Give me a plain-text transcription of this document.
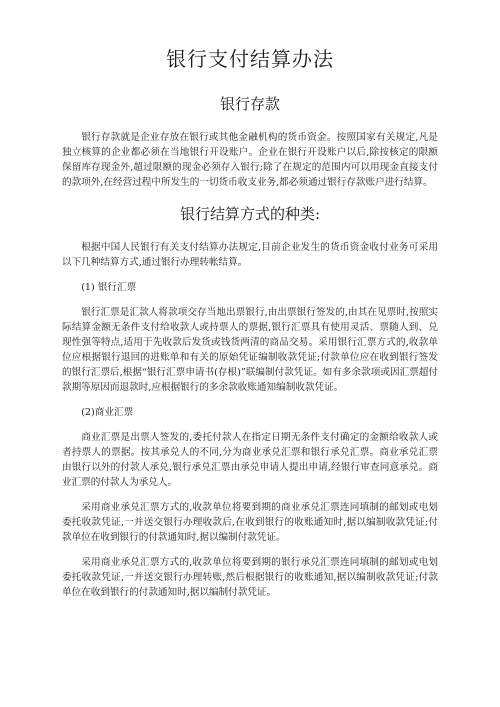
银行支付结算办法
银行存款

银行存款就是企业存放在银行或其他金融机构的货币资金。按照国家有关规定,凡是独立核算的企业都必须在当地银行开设账户。企业在银行开设账户以后,除按核定的限额保留库存现金外,超过限额的现金必须存入银行;除了在规定的范围内可以用现金直接支付的款项外,在经营过程中所发生的一切货币收支业务,都必须通过银行存款账户进行结算。

银行结算方式的种类:

根据中国人民银行有关支付结算办法规定,目前企业发生的货币资金收付业务可采用以下几种结算方式,通过银行办理转帐结算。

(1) 银行汇票

银行汇票是汇款人将款项交存当地出票银行,由出票银行签发的,由其在见票时,按照实际结算金额无条件支付给收款人或持票人的票据,银行汇票具有使用灵活、票随人到、兑现性强等特点,适用于先收款后发货或钱货两清的商品交易。采用银行汇票方式的,收款单位应根据银行退回的进账单和有关的原始凭证编制收款凭证;付款单位应在收到银行签发的银行汇票后,根据“银行汇票申请书(存根)”联编制付款凭证。如有多余款项或因汇票超付款期等原因而退款时,应根据银行的多余款收账通知编制收款凭证。

(2)商业汇票

商业汇票是出票人签发的,委托付款人在指定日期无条件支付确定的金额给收款人或者持票人的票据。按其承兑人的不同,分为商业承兑汇票和银行承兑汇票。商业承兑汇票由银行以外的付款人承兑,银行承兑汇票由承兑申请人提出申请,经银行审查同意承兑。商业汇票的付款人为承兑人。

采用商业承兑汇票方式的,收款单位将要到期的商业承兑汇票连同填制的邮划或电划委托收款凭证,一并送交银行办理收款后,在收到银行的收账通知时,据以编制收款凭证;付款单位在收到银行的付款通知时,据以编制付款凭证。

采用商业承兑汇票方式的,收款单位将要到期的银行承兑汇票连同填制的邮划或电划委托收款凭证,一并送交银行办理转账,然后根据银行的收账通知,据以编制收款凭证;付款单位在收到银行的付款通知时,据以编制付款凭证。
